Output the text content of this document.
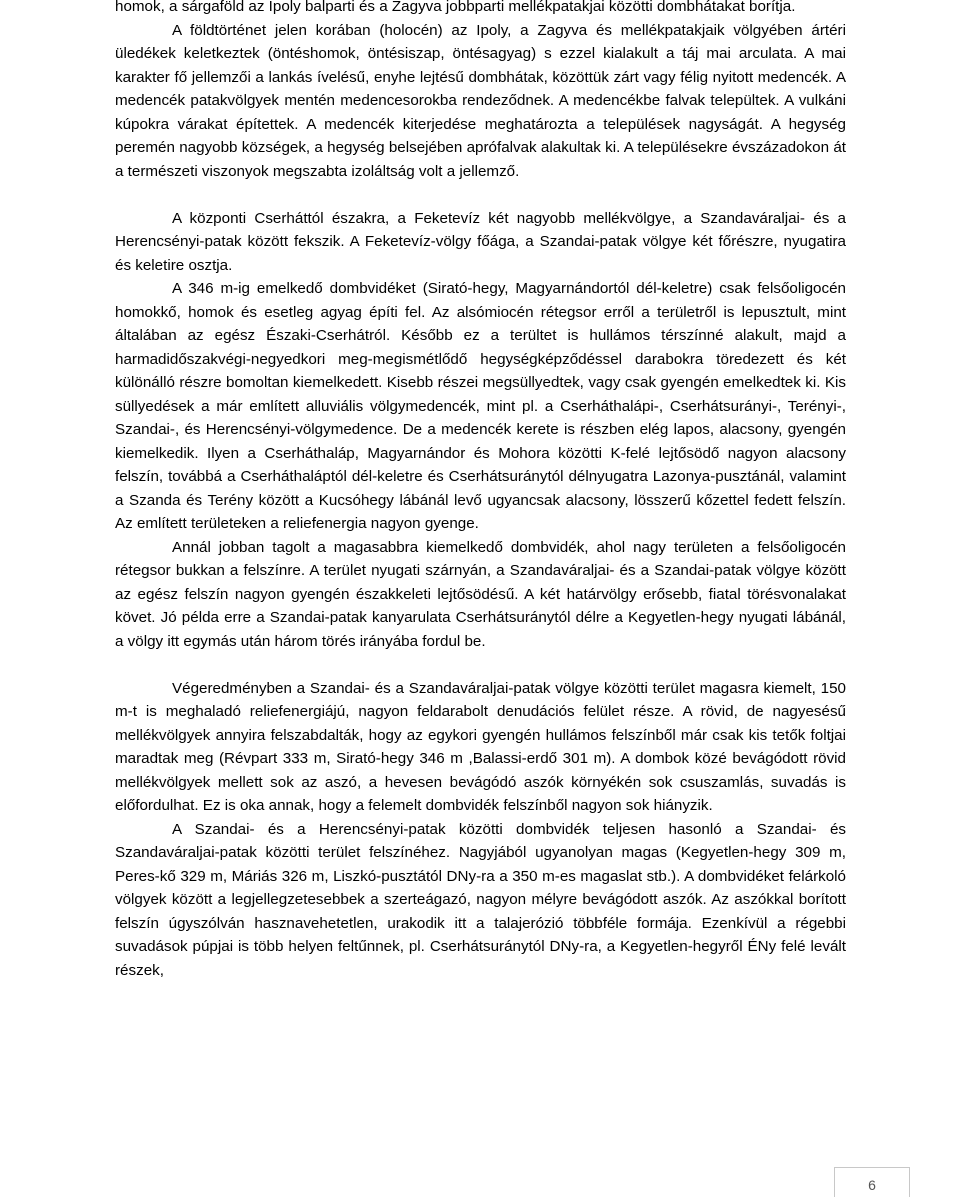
homok, a sárgaföld az Ipoly balparti és a Zagyva jobbparti mellékpatakjai közötti dombhátakat borítja.

A földtörténet jelen korában (holocén) az Ipoly, a Zagyva és mellékpatakjaik völgyében ártéri üledékek keletkeztek (öntéshomok, öntésiszap, öntésagyag) s ezzel kialakult a táj mai arculata. A mai karakter fő jellemzői a lankás ívelésű, enyhe lejtésű dombhátak, közöttük zárt vagy félig nyitott medencék. A medencék patakvölgyek mentén medencesorokba rendeződnek. A medencékbe falvak települtek. A vulkáni kúpokra várakat építettek. A medencék kiterjedése meghatározta a települések nagyságát. A hegység peremén nagyobb községek, a hegység belsejében aprófalvak alakultak ki. A településekre évszázadokon át a természeti viszonyok megszabta izoláltság volt a jellemző.

A központi Cserháttól északra, a Feketevíz két nagyobb mellékvölgye, a Szandaváraljai- és a Herencsényi-patak között fekszik. A Feketevíz-völgy főága, a Szandai-patak völgye két főrészre, nyugatira és keletire osztja.

A 346 m-ig emelkedő dombvidéket (Sirató-hegy, Magyarnándortól dél-keletre) csak felsőoligocén homokkő, homok és esetleg agyag építi fel. Az alsómiocén rétegsor erről a területről is lepusztult, mint általában az egész Északi-Cserhátról. Később ez a terültet is hullámos térszínné alakult, majd a harmadidőszakvégi-negyedkori meg-megismétlődő hegységképződéssel darabokra töredezett és két különálló részre bomoltan kiemelkedett. Kisebb részei megsüllyedtek, vagy csak gyengén emelkedtek ki. Kis süllyedések a már említett alluviális völgymedencék, mint pl. a Cserháthalápi-, Cserhátsurányi-, Terényi-, Szandai-, és Herencsényi-völgymedence. De a medencék kerete is részben elég lapos, alacsony, gyengén kiemelkedik. Ilyen a Cserháthaláp, Magyarnándor és Mohora közötti K-felé lejtősödő nagyon alacsony felszín, továbbá a Cserháthaláptól dél-keletre és Cserhátsuránytól délnyugatra Lazonya-pusztánál, valamint a Szanda és Terény között a Kucsóhegy lábánál levő ugyancsak alacsony, lösszerű kőzettel fedett felszín. Az említett területeken a reliefenergia nagyon gyenge.

Annál jobban tagolt a magasabbra kiemelkedő dombvidék, ahol nagy területen a felsőoligocén rétegsor bukkan a felszínre. A terület nyugati szárnyán, a Szandaváraljai- és a Szandai-patak völgye között az egész felszín nagyon gyengén északkeleti lejtősödésű. A két határvölgy erősebb, fiatal törésvonalakat követ. Jó példa erre a Szandai-patak kanyarulata Cserhátsuránytól délre a Kegyetlen-hegy nyugati lábánál, a völgy itt egymás után három törés irányába fordul be.

Végeredményben a Szandai- és a Szandaváraljai-patak völgye közötti terület magasra kiemelt, 150 m-t is meghaladó reliefenergiájú, nagyon feldarabolt denudációs felület része. A rövid, de nagyesésű mellékvölgyek annyira felszabdalták, hogy az egykori gyengén hullámos felszínből már csak kis tetők foltjai maradtak meg (Révpart 333 m, Sirató-hegy 346 m ,Balassi-erdő 301 m). A dombok közé bevágódott rövid mellékvölgyek mellett sok az aszó, a hevesen bevágódó aszók környékén sok csuszamlás, suvadás is előfordulhat. Ez is oka annak, hogy a felemelt dombvidék felszínből nagyon sok hiányzik.

A Szandai- és a Herencsényi-patak közötti dombvidék teljesen hasonló a Szandai- és Szandaváraljai-patak közötti terület felszínéhez. Nagyjából ugyanolyan magas (Kegyetlen-hegy 309 m, Peres-kő 329 m, Máriás 326 m, Liszkó-pusztától DNy-ra a 350 m-es magaslat stb.). A dombvidéket felárkoló völgyek között a legjellegzetesebbek a szerteágazó, nagyon mélyre bevágódott aszók. Az aszókkal borított felszín úgyszólván hasznavehetetlen, urakodik itt a talajerózió többféle formája. Ezenkívül a régebbi suvadások púpjai is több helyen feltűnnek, pl. Cserhátsuránytól DNy-ra, a Kegyetlen-hegyről ÉNy felé levált részek,

6
